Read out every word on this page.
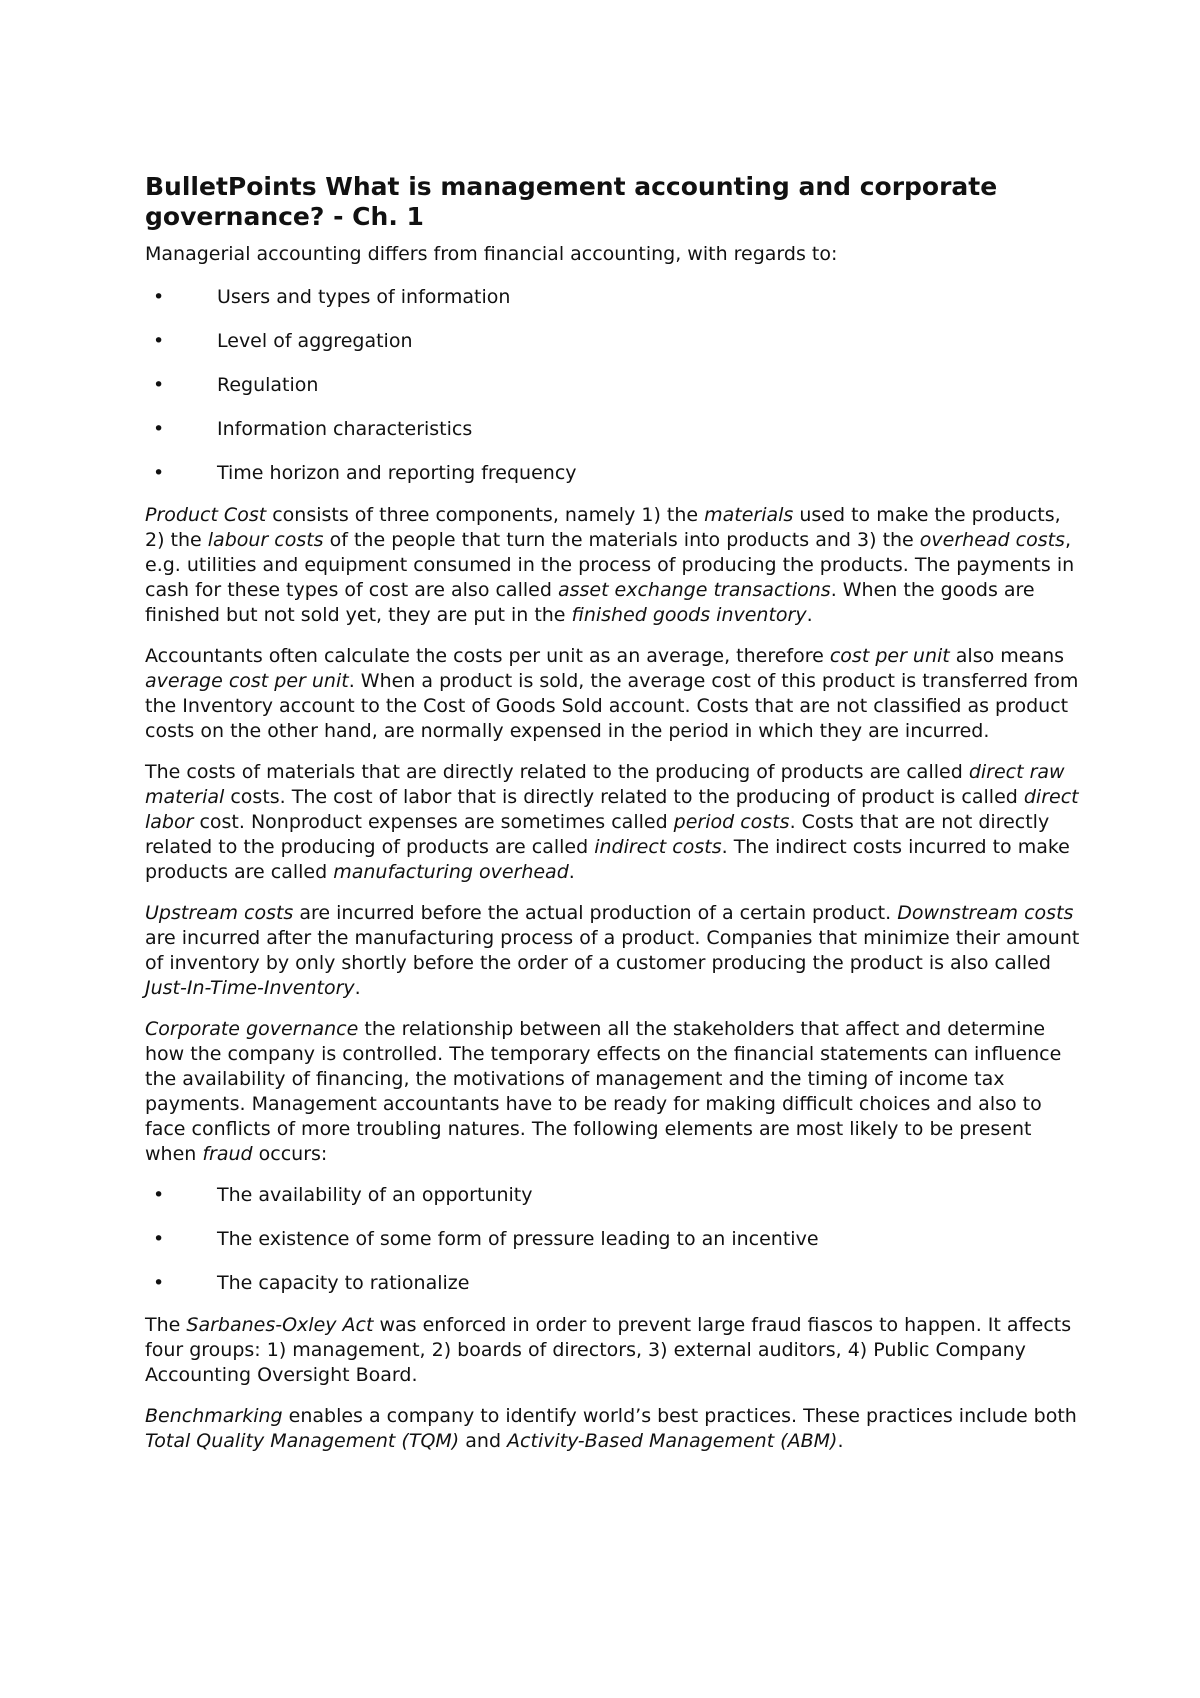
BulletPoints What is management accounting and corporate governance? - Ch. 1

Managerial accounting differs from financial accounting, with regards to:

•	Users and types of information
•	Level of aggregation
•	Regulation
•	Information characteristics
•	Time horizon and reporting frequency

Product Cost consists of three components, namely 1) the materials used to make the products, 2) the labour costs of the people that turn the materials into products and 3) the overhead costs, e.g. utilities and equipment consumed in the process of producing the products. The payments in cash for these types of cost are also called asset exchange transactions. When the goods are finished but not sold yet, they are put in the finished goods inventory.

Accountants often calculate the costs per unit as an average, therefore cost per unit also means average cost per unit. When a product is sold, the average cost of this product is transferred from the Inventory account to the Cost of Goods Sold account. Costs that are not classified as product costs on the other hand, are normally expensed in the period in which they are incurred.

The costs of materials that are directly related to the producing of products are called direct raw material costs. The cost of labor that is directly related to the producing of product is called direct labor cost. Nonproduct expenses are sometimes called period costs. Costs that are not directly related to the producing of products are called indirect costs. The indirect costs incurred to make products are called manufacturing overhead.

Upstream costs are incurred before the actual production of a certain product. Downstream costs are incurred after the manufacturing process of a product. Companies that minimize their amount of inventory by only shortly before the order of a customer producing the product is also called Just-In-Time-Inventory.

Corporate governance the relationship between all the stakeholders that affect and determine how the company is controlled. The temporary effects on the financial statements can influence the availability of financing, the motivations of management and the timing of income tax payments. Management accountants have to be ready for making difficult choices and also to face conflicts of more troubling natures. The following elements are most likely to be present when fraud occurs:

•	The availability of an opportunity
•	The existence of some form of pressure leading to an incentive
•	The capacity to rationalize

The Sarbanes-Oxley Act was enforced in order to prevent large fraud fiascos to happen. It affects four groups: 1) management, 2) boards of directors, 3) external auditors, 4) Public Company Accounting Oversight Board.

Benchmarking enables a company to identify world’s best practices. These practices include both Total Quality Management (TQM) and Activity-Based Management (ABM).
